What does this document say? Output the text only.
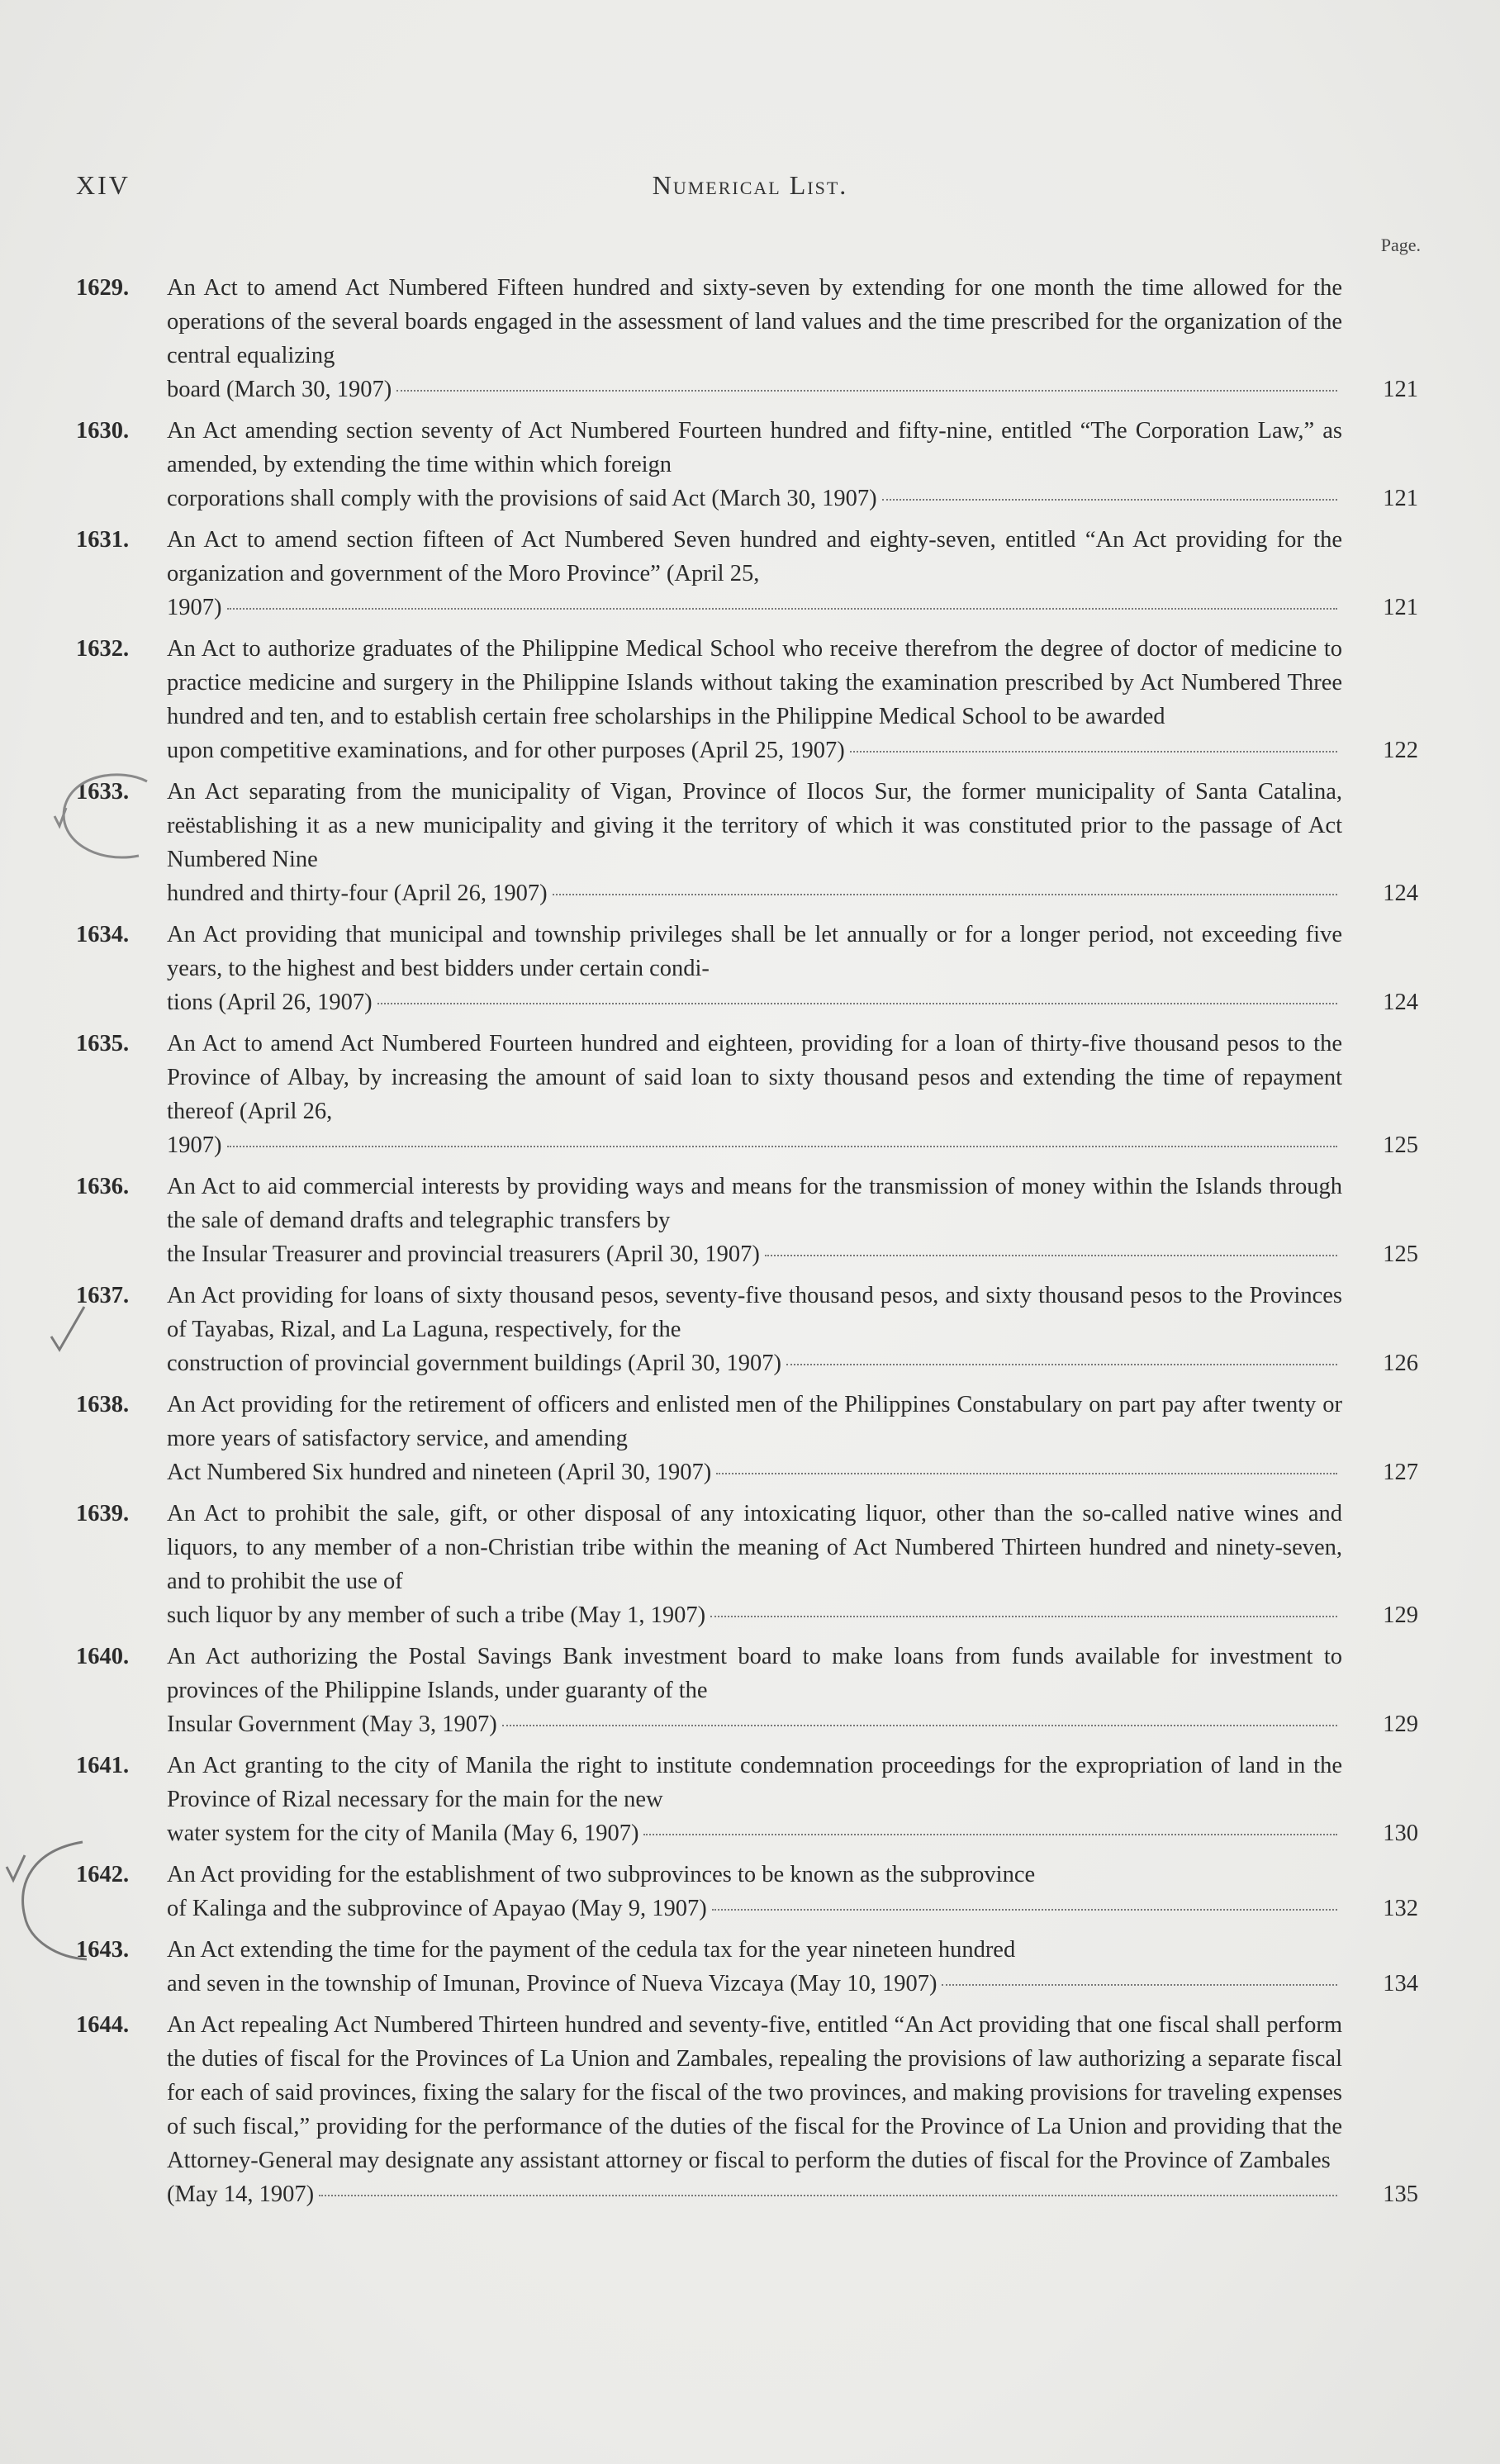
XIV	Numerical List.
Page.
1629. An Act to amend Act Numbered Fifteen hundred and sixty-seven by extending for one month the time allowed for the operations of the several boards engaged in the assessment of land values and the time prescribed for the organization of the central equalizing
board (March 30, 1907)	121
1630. An Act amending section seventy of Act Numbered Fourteen hundred and fifty-nine, entitled “The Corporation Law,” as amended, by extending the time within which foreign
corporations shall comply with the provisions of said Act (March 30, 1907)	121
1631. An Act to amend section fifteen of Act Numbered Seven hundred and eighty-seven, entitled “An Act providing for the organization and government of the Moro Province” (April 25,
1907)	121
1632. An Act to authorize graduates of the Philippine Medical School who receive therefrom the degree of doctor of medicine to practice medicine and surgery in the Philippine Islands without taking the examination prescribed by Act Numbered Three hundred and ten, and to establish certain free scholarships in the Philippine Medical School to be awarded
upon competitive examinations, and for other purposes (April 25, 1907)	122
1633. An Act separating from the municipality of Vigan, Province of Ilocos Sur, the former municipality of Santa Catalina, reëstablishing it as a new municipality and giving it the territory of which it was constituted prior to the passage of Act Numbered Nine
hundred and thirty-four (April 26, 1907)	124
1634. An Act providing that municipal and township privileges shall be let annually or for a longer period, not exceeding five years, to the highest and best bidders under certain condi-
tions (April 26, 1907)	124
1635. An Act to amend Act Numbered Fourteen hundred and eighteen, providing for a loan of thirty-five thousand pesos to the Province of Albay, by increasing the amount of said loan to sixty thousand pesos and extending the time of repayment thereof (April 26,
1907)	125
1636. An Act to aid commercial interests by providing ways and means for the transmission of money within the Islands through the sale of demand drafts and telegraphic transfers by
the Insular Treasurer and provincial treasurers (April 30, 1907)	125
1637. An Act providing for loans of sixty thousand pesos, seventy-five thousand pesos, and sixty thousand pesos to the Provinces of Tayabas, Rizal, and La Laguna, respectively, for the
construction of provincial government buildings (April 30, 1907)	126
1638. An Act providing for the retirement of officers and enlisted men of the Philippines Constabulary on part pay after twenty or more years of satisfactory service, and amending
Act Numbered Six hundred and nineteen (April 30, 1907)	127
1639. An Act to prohibit the sale, gift, or other disposal of any intoxicating liquor, other than the so-called native wines and liquors, to any member of a non-Christian tribe within the meaning of Act Numbered Thirteen hundred and ninety-seven, and to prohibit the use of
such liquor by any member of such a tribe (May 1, 1907)	129
1640. An Act authorizing the Postal Savings Bank investment board to make loans from funds available for investment to provinces of the Philippine Islands, under guaranty of the
Insular Government (May 3, 1907)	129
1641. An Act granting to the city of Manila the right to institute condemnation proceedings for the expropriation of land in the Province of Rizal necessary for the main for the new
water system for the city of Manila (May 6, 1907)	130
1642. An Act providing for the establishment of two subprovinces to be known as the subprovince
of Kalinga and the subprovince of Apayao (May 9, 1907)	132
1643. An Act extending the time for the payment of the cedula tax for the year nineteen hundred
and seven in the township of Imunan, Province of Nueva Vizcaya (May 10, 1907)	134
1644. An Act repealing Act Numbered Thirteen hundred and seventy-five, entitled “An Act providing that one fiscal shall perform the duties of fiscal for the Provinces of La Union and Zambales, repealing the provisions of law authorizing a separate fiscal for each of said provinces, fixing the salary for the fiscal of the two provinces, and making provisions for traveling expenses of such fiscal,” providing for the performance of the duties of the fiscal for the Province of La Union and providing that the Attorney-General may designate any assistant attorney or fiscal to perform the duties of fiscal for the Province of Zambales
(May 14, 1907)	135
